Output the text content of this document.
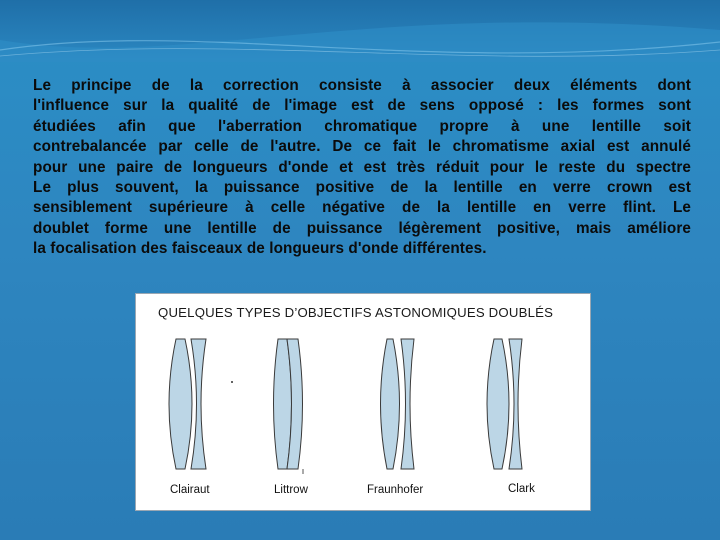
Le principe de la correction consiste à associer deux éléments dont
l'influence sur la qualité de l'image est de sens opposé : les formes sont
étudiées afin que l'aberration chromatique propre à une lentille soit
contrebalancée par celle de l'autre. De ce fait le chromatisme axial est annulé
pour une paire de longueurs d'onde et est très réduit pour le reste du spectre
Le plus souvent, la puissance positive de la lentille en verre crown est
sensiblement supérieure à celle négative de la lentille en verre flint. Le
doublet forme une lentille de puissance légèrement positive, mais améliore
la focalisation des faisceaux de longueurs d'onde différentes.

QUELQUES TYPES D’OBJECTIFS ASTONOMIQUES DOUBLÉS
Clairaut	Littrow	Fraunhofer	Clark
